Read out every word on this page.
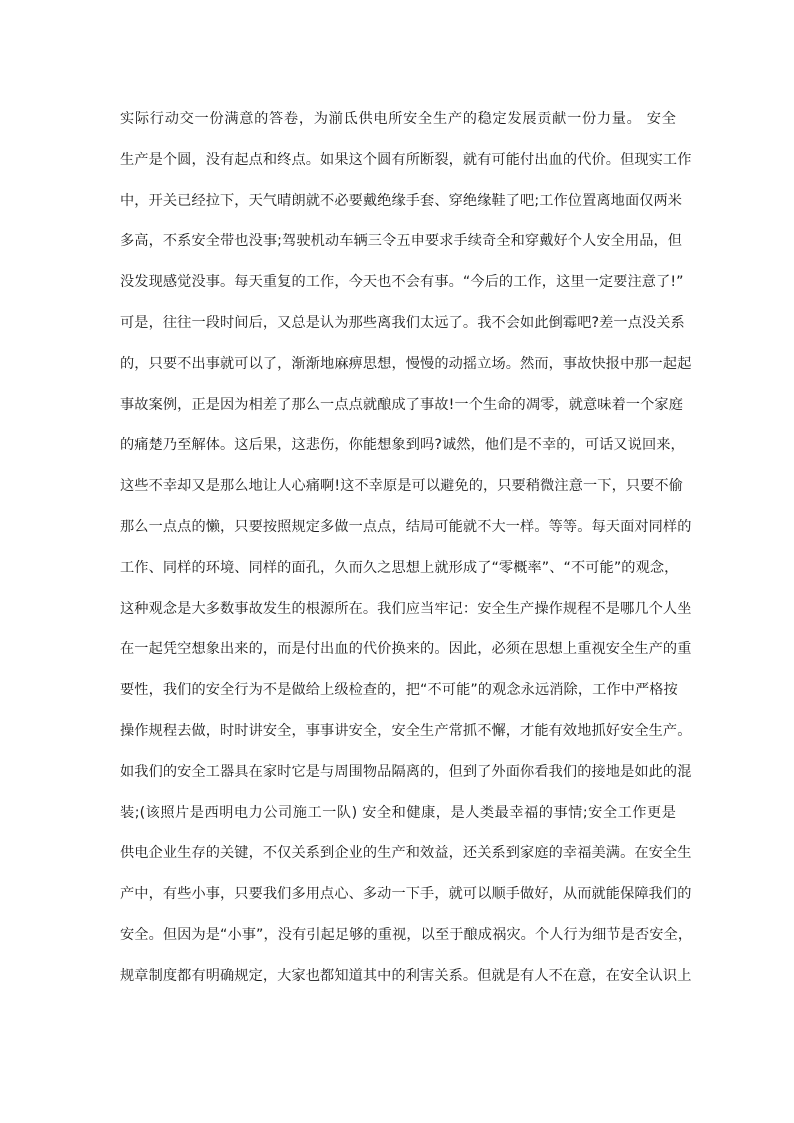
实际行动交一份满意的答卷，为湔氐供电所安全生产的稳定发展贡献一份力量。 安全
生产是个圆，没有起点和终点。如果这个圆有所断裂，就有可能付出血的代价。但现实工作
中，开关已经拉下，天气晴朗就不必要戴绝缘手套、穿绝缘鞋了吧;工作位置离地面仅两米
多高，不系安全带也没事;驾驶机动车辆三令五申要求手续奇全和穿戴好个人安全用品，但
没发现感觉没事。每天重复的工作，今天也不会有事。“今后的工作，这里一定要注意了!”
可是，往往一段时间后，又总是认为那些离我们太远了。我不会如此倒霉吧?差一点没关系
的，只要不出事就可以了，渐渐地麻痹思想，慢慢的动摇立场。然而，事故快报中那一起起
事故案例，正是因为相差了那么一点点就酿成了事故!一个生命的凋零，就意味着一个家庭
的痛楚乃至解体。这后果，这悲伤，你能想象到吗?诚然，他们是不幸的，可话又说回来，
这些不幸却又是那么地让人心痛啊!这不幸原是可以避免的，只要稍微注意一下，只要不偷
那么一点点的懒，只要按照规定多做一点点，结局可能就不大一样。等等。每天面对同样的
工作、同样的环境、同样的面孔，久而久之思想上就形成了“零概率”、“不可能”的观念，
这种观念是大多数事故发生的根源所在。我们应当牢记：安全生产操作规程不是哪几个人坐
在一起凭空想象出来的，而是付出血的代价换来的。因此，必须在思想上重视安全生产的重
要性，我们的安全行为不是做给上级检查的，把“不可能”的观念永远消除，工作中严格按
操作规程去做，时时讲安全，事事讲安全，安全生产常抓不懈，才能有效地抓好安全生产。
如我们的安全工器具在家时它是与周围物品隔离的，但到了外面你看我们的接地是如此的混
装;(该照片是西明电力公司施工一队) 安全和健康，是人类最幸福的事情;安全工作更是
供电企业生存的关键，不仅关系到企业的生产和效益，还关系到家庭的幸福美满。在安全生
产中，有些小事，只要我们多用点心、多动一下手，就可以顺手做好，从而就能保障我们的
安全。但因为是“小事”，没有引起足够的重视，以至于酿成祸灾。个人行为细节是否安全，
规章制度都有明确规定，大家也都知道其中的利害关系。但就是有人不在意，在安全认识上
